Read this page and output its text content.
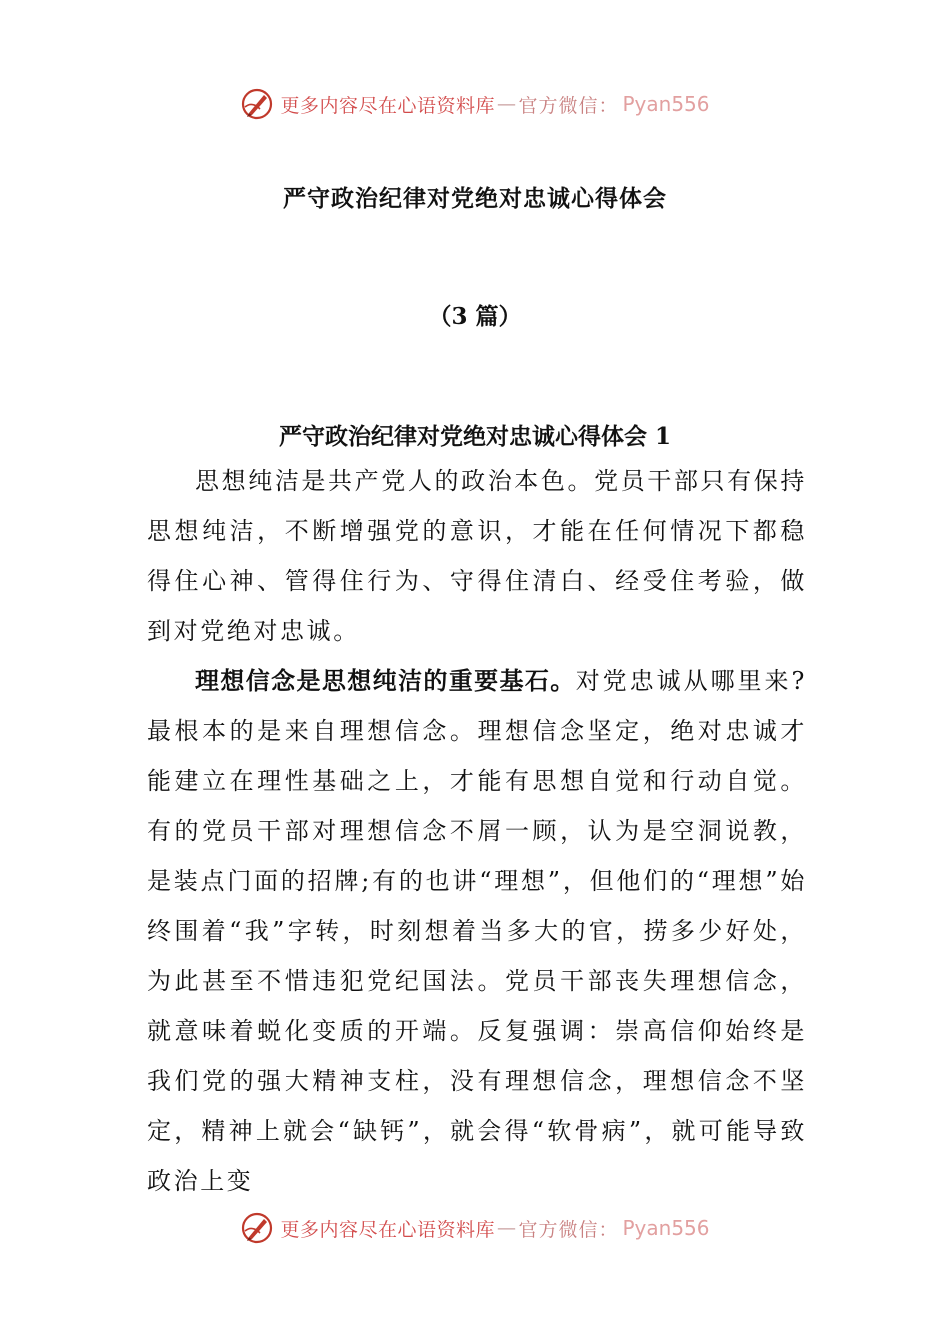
更多内容尽在心语资料库 — 官方微信： Pyan556
严守政治纪律对党绝对忠诚心得体会
（3 篇）
严守政治纪律对党绝对忠诚心得体会 1

思想纯洁是共产党人的政治本色。党员干部只有保持思想纯洁，不断增强党的意识，才能在任何情况下都稳得住心神、管得住行为、守得住清白、经受住考验，做到对党绝对忠诚。

理想信念是思想纯洁的重要基石。对党忠诚从哪里来?最根本的是来自理想信念。理想信念坚定，绝对忠诚才能建立在理性基础之上，才能有思想自觉和行动自觉。有的党员干部对理想信念不屑一顾，认为是空洞说教，是装点门面的招牌;有的也讲“理想”，但他们的“理想”始终围着“我”字转，时刻想着当多大的官，捞多少好处，为此甚至不惜违犯党纪国法。党员干部丧失理想信念，就意味着蜕化变质的开端。反复强调：崇高信仰始终是我们党的强大精神支柱，没有理想信念，理想信念不坚定，精神上就会“缺钙”，就会得“软骨病”，就可能导致政治上变

更多内容尽在心语资料库 — 官方微信： Pyan556
